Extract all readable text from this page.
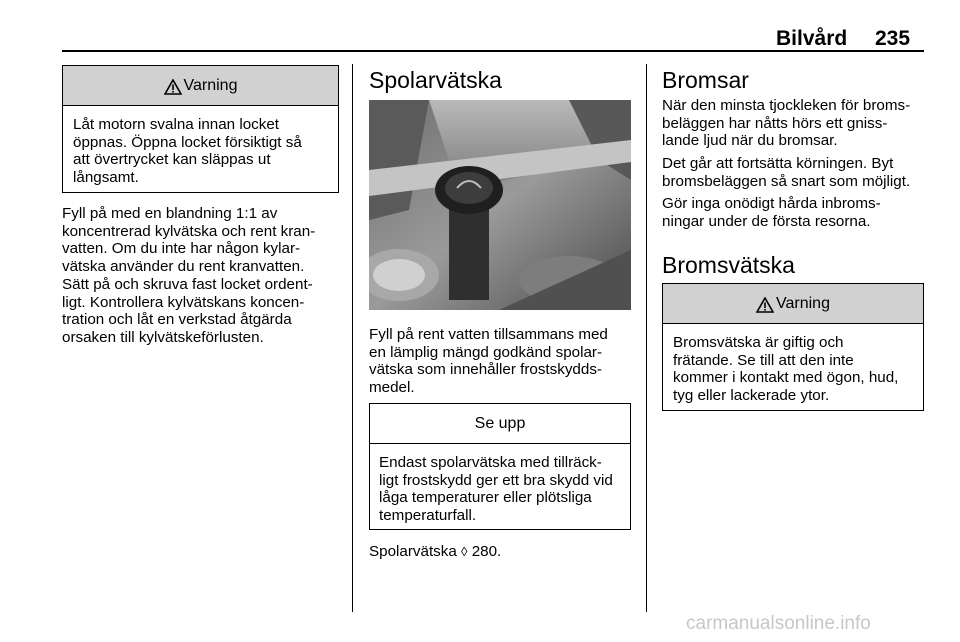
Bilvård 235
Varning
Låt motorn svalna innan locket
öppnas. Öppna locket försiktigt så
att övertrycket kan släppas ut
långsamt.
Fyll på med en blandning 1:1 av
koncentrerad kylvätska och rent kran-
vatten. Om du inte har någon kylar-
vätska använder du rent kranvatten.
Sätt på och skruva fast locket ordent-
ligt. Kontrollera kylvätskans koncen-
tration och låt en verkstad åtgärda
orsaken till kylvätskeförlusten.
Spolarvätska
Fyll på rent vatten tillsammans med
en lämplig mängd godkänd spolar-
vätska som innehåller frostskydds-
medel.
Se upp
Endast spolarvätska med tillräck-
ligt frostskydd ger ett bra skydd vid
låga temperaturer eller plötsliga
temperaturfall.
Spolarvätska ◊ 280.
Bromsar
När den minsta tjockleken för broms-
beläggen har nåtts hörs ett gniss-
lande ljud när du bromsar.
Det går att fortsätta körningen. Byt
bromsbeläggen så snart som möjligt.
Gör inga onödigt hårda inbroms-
ningar under de första resorna.
Bromsvätska
Varning
Bromsvätska är giftig och
frätande. Se till att den inte
kommer i kontakt med ögon, hud,
tyg eller lackerade ytor.
carmanualsonline.info
